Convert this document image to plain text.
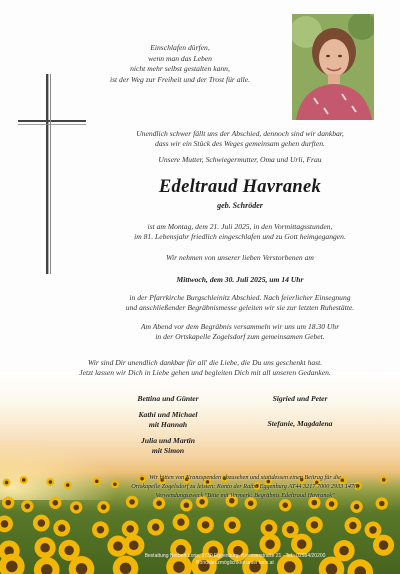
Einschlafen dürfen,
wenn man das Leben
nicht mehr selbst gestalten kann,
ist der Weg zur Freiheit und der Trost für alle.
Unendlich schwer fällt uns der Abschied, dennoch sind wir dankbar,
dass wir ein Stück des Weges gemeinsam gehen durften.
Unsere Mutter, Schwiegermutter, Oma und Urli, Frau
Edeltraud Havranek
geb. Schröder
ist am Montag, dem 21. Juli 2025, in den Vormittagsstunden,
im 81. Lebensjahr friedlich eingeschlafen und zu Gott heimgegangen.
Wir nehmen von unserer lieben Verstorbenen am
Mittwoch, dem 30. Juli 2025, um 14 Uhr
in der Pfarrkirche Burgschleinitz Abschied. Nach feierlicher Einsegnung
und anschließender Begräbnismesse geleiten wir sie zur letzten Ruhestätte.
Am Abend vor dem Begräbnis versammeln wir uns um 18.30 Uhr
in der Ortskapelle Zogelsdorf zum gemeinsamen Gebet.
Wir sind Dir unendlich dankbar für all' die Liebe, die Du uns geschenkt hast.
Jetzt lassen wir Dich in Liebe gehen und begleiten Dich mit all unseren Gedanken.
Bettina und Günter
Kathi und Michael
mit Hannah
Julia und Martin
mit Simon
Sigried und Peter
Stefanie, Magdalena
Wir bitten von Kranzspenden abzusehen und stattdessen einen Beitrag für die
Ortskapelle Zogelsdorf zu leisten: Konto der Raiba Eggenburg AT44 3217 7000 2933 1476,
Verwendungszweck "Bitte mit Vermerk: Begräbnis Edeltraud Havranek"
Bestattung Norbert Loris, 3730 Eggenburg, Kremserstraße 21 · Tel.: 02984/20200
Kondolenzmöglichkeit unter loris.at
